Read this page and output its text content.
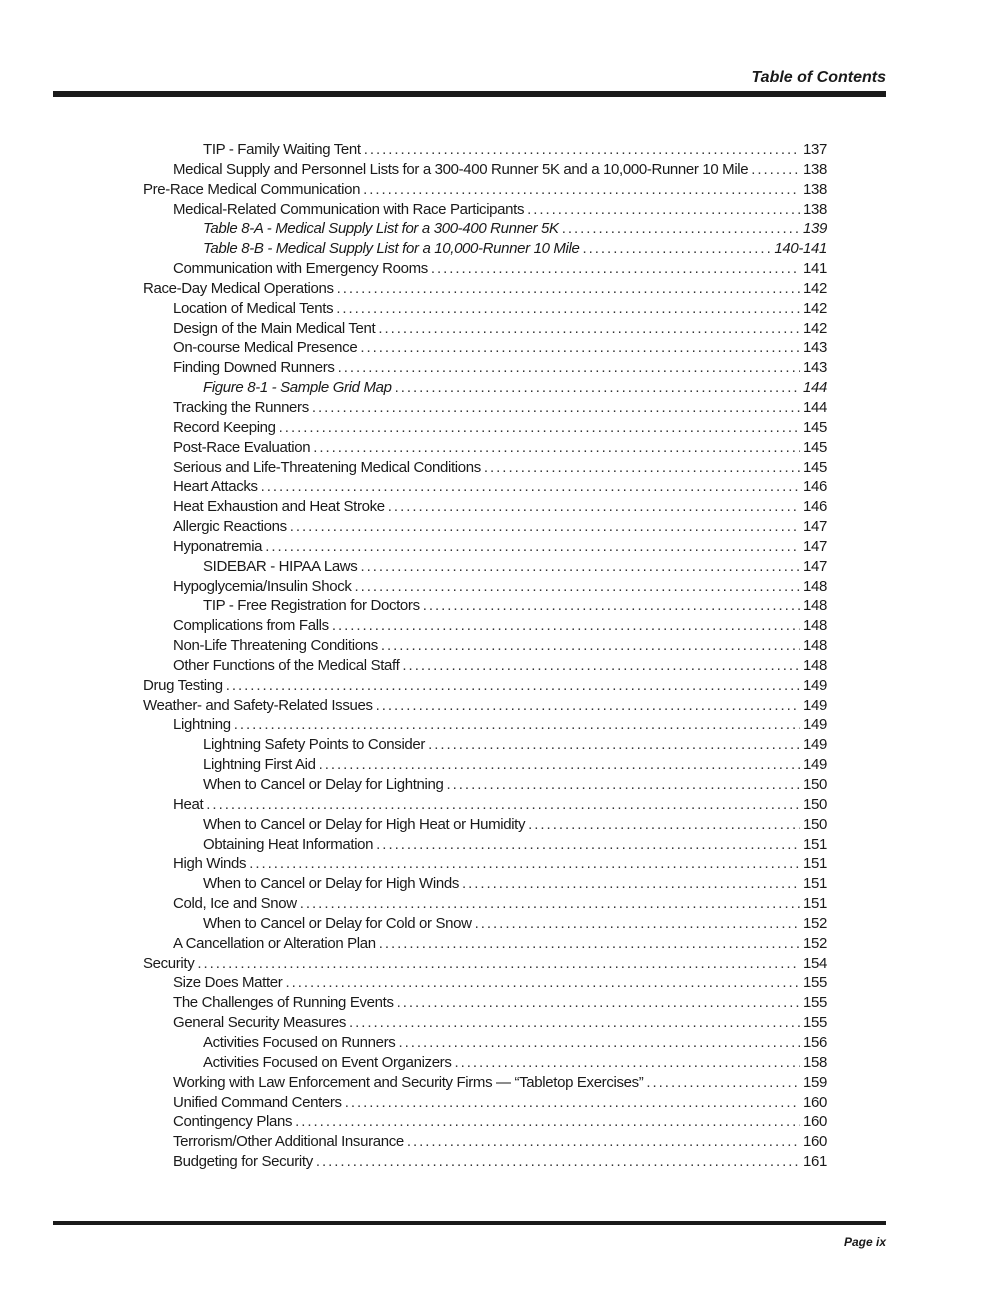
Table of Contents
TIP - Family Waiting Tent . . .	137
Medical Supply and Personnel Lists for a 300-400 Runner 5K and a 10,000-Runner 10 Mile . . .	138
Pre-Race Medical Communication . . .	138
Medical-Related Communication with Race Participants . . .	138
Table 8-A - Medical Supply List for a 300-400 Runner 5K . . .	139
Table 8-B - Medical Supply List for a 10,000-Runner 10 Mile . . .	140-141
Communication with Emergency Rooms . . .	141
Race-Day Medical Operations . . .	142
Location of Medical Tents . . .	142
Design of the Main Medical Tent . . .	142
On-course Medical Presence . . .	143
Finding Downed Runners . . .	143
Figure 8-1 - Sample Grid Map . . .	144
Tracking the Runners . . .	144
Record Keeping . . .	145
Post-Race Evaluation . . .	145
Serious and Life-Threatening Medical Conditions . . .	145
Heart Attacks . . .	146
Heat Exhaustion and Heat Stroke . . .	146
Allergic Reactions . . .	147
Hyponatremia . . .	147
SIDEBAR - HIPAA Laws . . .	147
Hypoglycemia/Insulin Shock . . .	148
TIP - Free Registration for Doctors . . .	148
Complications from Falls . . .	148
Non-Life Threatening Conditions . . .	148
Other Functions of the Medical Staff . . .	148
Drug Testing . . .	149
Weather- and Safety-Related Issues . . .	149
Lightning . . .	149
Lightning Safety Points to Consider . . .	149
Lightning First Aid . . .	149
When to Cancel or Delay for Lightning . . .	150
Heat . . .	150
When to Cancel or Delay for High Heat or Humidity . . .	150
Obtaining Heat Information . . .	151
High Winds . . .	151
When to Cancel or Delay for High Winds . . .	151
Cold, Ice and Snow . . .	151
When to Cancel or Delay for Cold or Snow . . .	152
A Cancellation or Alteration Plan . . .	152
Security . . .	154
Size Does Matter . . .	155
The Challenges of Running Events . . .	155
General Security Measures . . .	155
Activities Focused on Runners . . .	156
Activities Focused on Event Organizers . . .	158
Working with Law Enforcement and Security Firms — “Tabletop Exercises” . . .	159
Unified Command Centers . . .	160
Contingency Plans . . .	160
Terrorism/Other Additional Insurance . . .	160
Budgeting for Security . . .	161
Page ix
